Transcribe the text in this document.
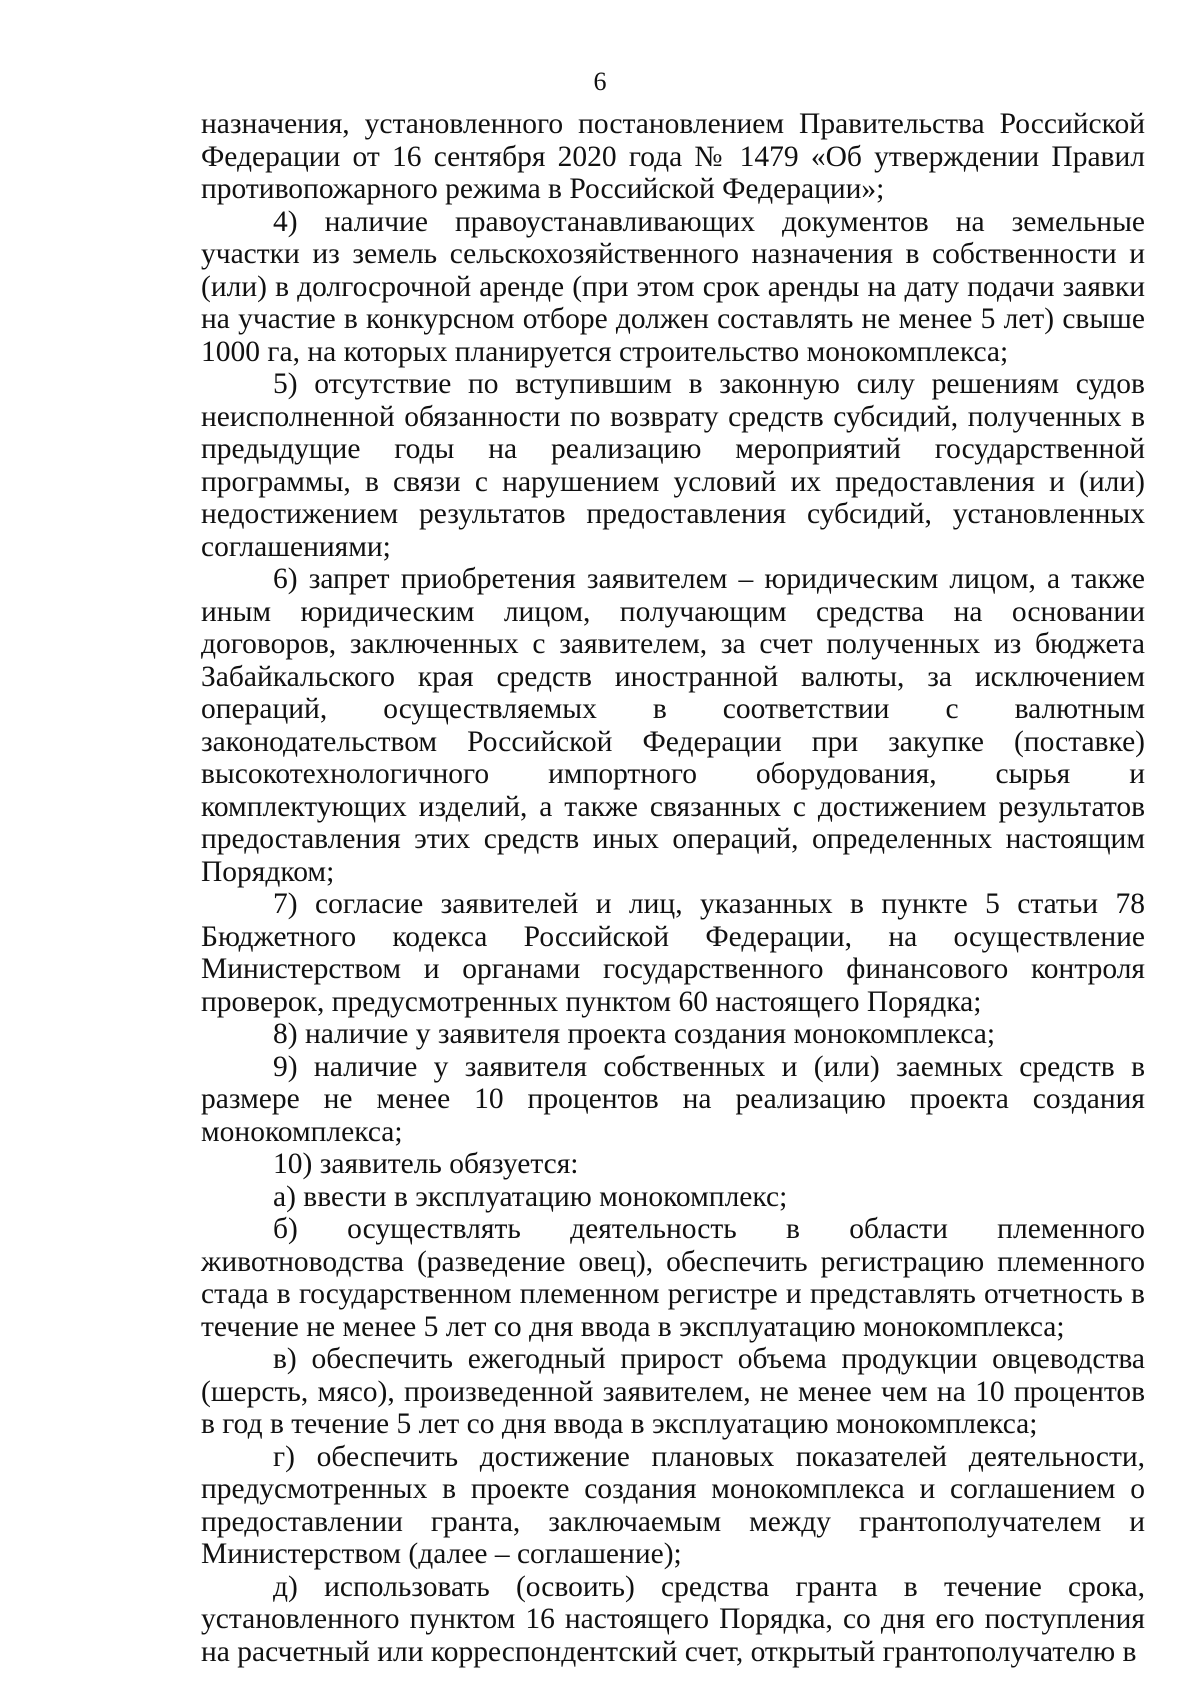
6

назначения, установленного постановлением Правительства Российской Федерации от 16 сентября 2020 года № 1479 «Об утверждении Правил противопожарного режима в Российской Федерации»;

4) наличие правоустанавливающих документов на земельные участки из земель сельскохозяйственного назначения в собственности и (или) в долгосрочной аренде (при этом срок аренды на дату подачи заявки на участие в конкурсном отборе должен составлять не менее 5 лет) свыше 1000 га, на которых планируется строительство монокомплекса;

5) отсутствие по вступившим в законную силу решениям судов неисполненной обязанности по возврату средств субсидий, полученных в предыдущие годы на реализацию мероприятий государственной программы, в связи с нарушением условий их предоставления и (или) недостижением результатов предоставления субсидий, установленных соглашениями;

6) запрет приобретения заявителем – юридическим лицом, а также иным юридическим лицом, получающим средства на основании договоров, заключенных с заявителем, за счет полученных из бюджета Забайкальского края средств иностранной валюты, за исключением операций, осуществляемых в соответствии с валютным законодательством Российской Федерации при закупке (поставке) высокотехнологичного импортного оборудования, сырья и комплектующих изделий, а также связанных с достижением результатов предоставления этих средств иных операций, определенных настоящим Порядком;

7) согласие заявителей и лиц, указанных в пункте 5 статьи 78 Бюджетного кодекса Российской Федерации, на осуществление Министерством и органами государственного финансового контроля проверок, предусмотренных пунктом 60 настоящего Порядка;

8) наличие у заявителя проекта создания монокомплекса;

9) наличие у заявителя собственных и (или) заемных средств в размере не менее 10 процентов на реализацию проекта создания монокомплекса;

10) заявитель обязуется:

а) ввести в эксплуатацию монокомплекс;

б) осуществлять деятельность в области племенного животноводства (разведение овец), обеспечить регистрацию племенного стада в государственном племенном регистре и представлять отчетность в течение не менее 5 лет со дня ввода в эксплуатацию монокомплекса;

в) обеспечить ежегодный прирост объема продукции овцеводства (шерсть, мясо), произведенной заявителем, не менее чем на 10 процентов в год в течение 5 лет со дня ввода в эксплуатацию монокомплекса;

г) обеспечить достижение плановых показателей деятельности, предусмотренных в проекте создания монокомплекса и соглашением о предоставлении гранта, заключаемым между грантополучателем и Министерством (далее – соглашение);

д) использовать (освоить) средства гранта в течение срока, установленного пунктом 16 настоящего Порядка, со дня его поступления на расчетный или корреспондентский счет, открытый грантополучателю в
